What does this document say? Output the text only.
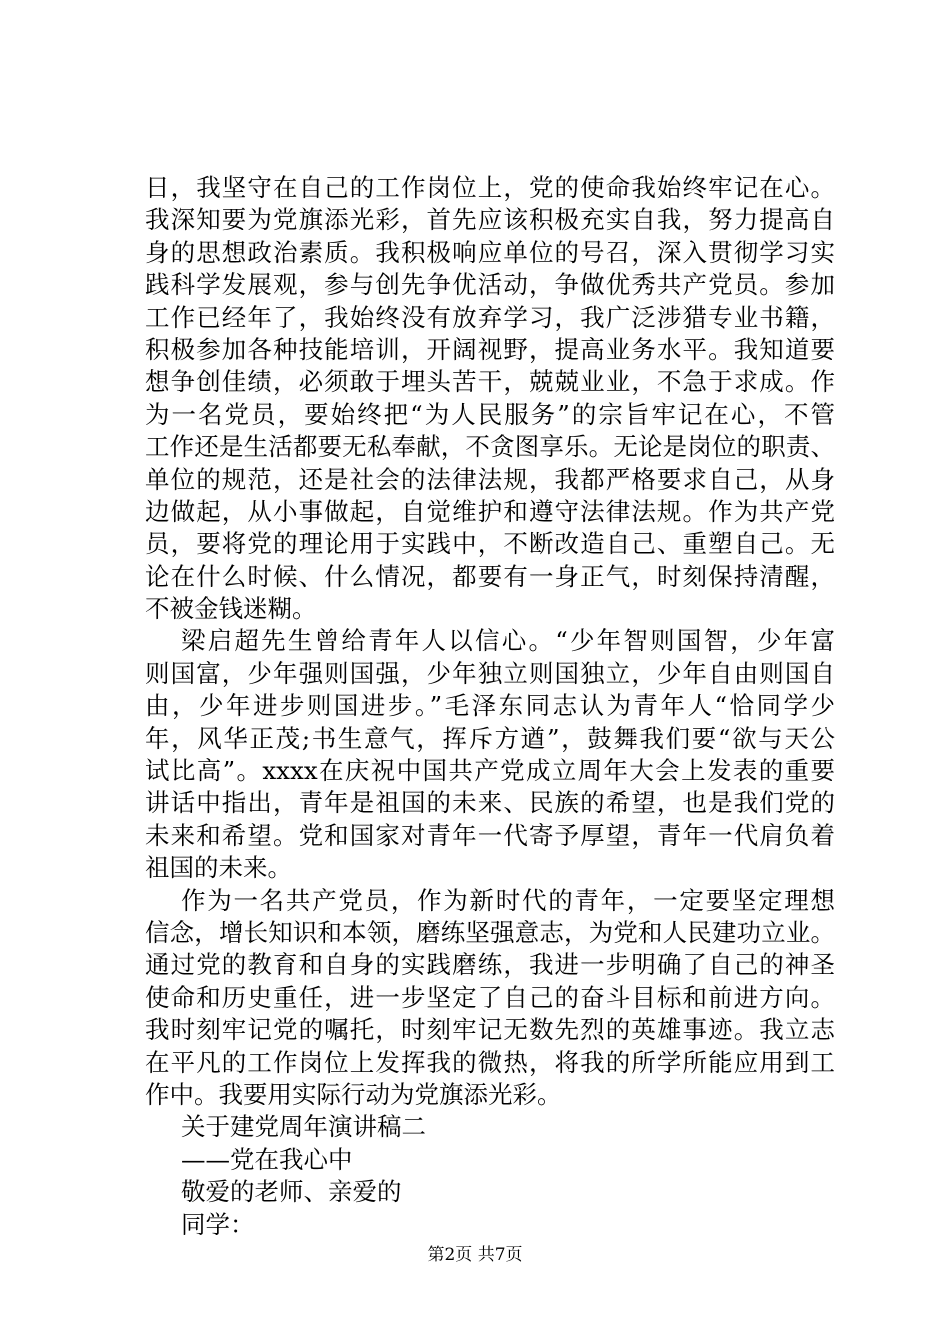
日，我坚守在自己的工作岗位上，党的使命我始终牢记在心。
我深知要为党旗添光彩，首先应该积极充实自我，努力提高自
身的思想政治素质。我积极响应单位的号召，深入贯彻学习实
践科学发展观，参与创先争优活动，争做优秀共产党员。参加
工作已经年了，我始终没有放弃学习，我广泛涉猎专业书籍，
积极参加各种技能培训，开阔视野，提高业务水平。我知道要
想争创佳绩，必须敢于埋头苦干，兢兢业业，不急于求成。作
为一名党员，要始终把“为人民服务”的宗旨牢记在心，不管
工作还是生活都要无私奉献，不贪图享乐。无论是岗位的职责、
单位的规范，还是社会的法律法规，我都严格要求自己，从身
边做起，从小事做起，自觉维护和遵守法律法规。作为共产党
员，要将党的理论用于实践中，不断改造自己、重塑自己。无
论在什么时候、什么情况，都要有一身正气，时刻保持清醒，
不被金钱迷糊。
梁启超先生曾给青年人以信心。“少年智则国智，少年富
则国富，少年强则国强，少年独立则国独立，少年自由则国自
由，少年进步则国进步。”毛泽东同志认为青年人“恰同学少
年，风华正茂;书生意气，挥斥方遒”，鼓舞我们要“欲与天公
试比高”。xxxx在庆祝中国共产党成立周年大会上发表的重要
讲话中指出，青年是祖国的未来、民族的希望，也是我们党的
未来和希望。党和国家对青年一代寄予厚望，青年一代肩负着
祖国的未来。
作为一名共产党员，作为新时代的青年，一定要坚定理想
信念，增长知识和本领，磨练坚强意志，为党和人民建功立业。
通过党的教育和自身的实践磨练，我进一步明确了自己的神圣
使命和历史重任，进一步坚定了自己的奋斗目标和前进方向。
我时刻牢记党的嘱托，时刻牢记无数先烈的英雄事迹。我立志
在平凡的工作岗位上发挥我的微热，将我的所学所能应用到工
作中。我要用实际行动为党旗添光彩。
关于建党周年演讲稿二
——党在我心中
敬爱的老师、亲爱的
同学：
第2页 共7页
